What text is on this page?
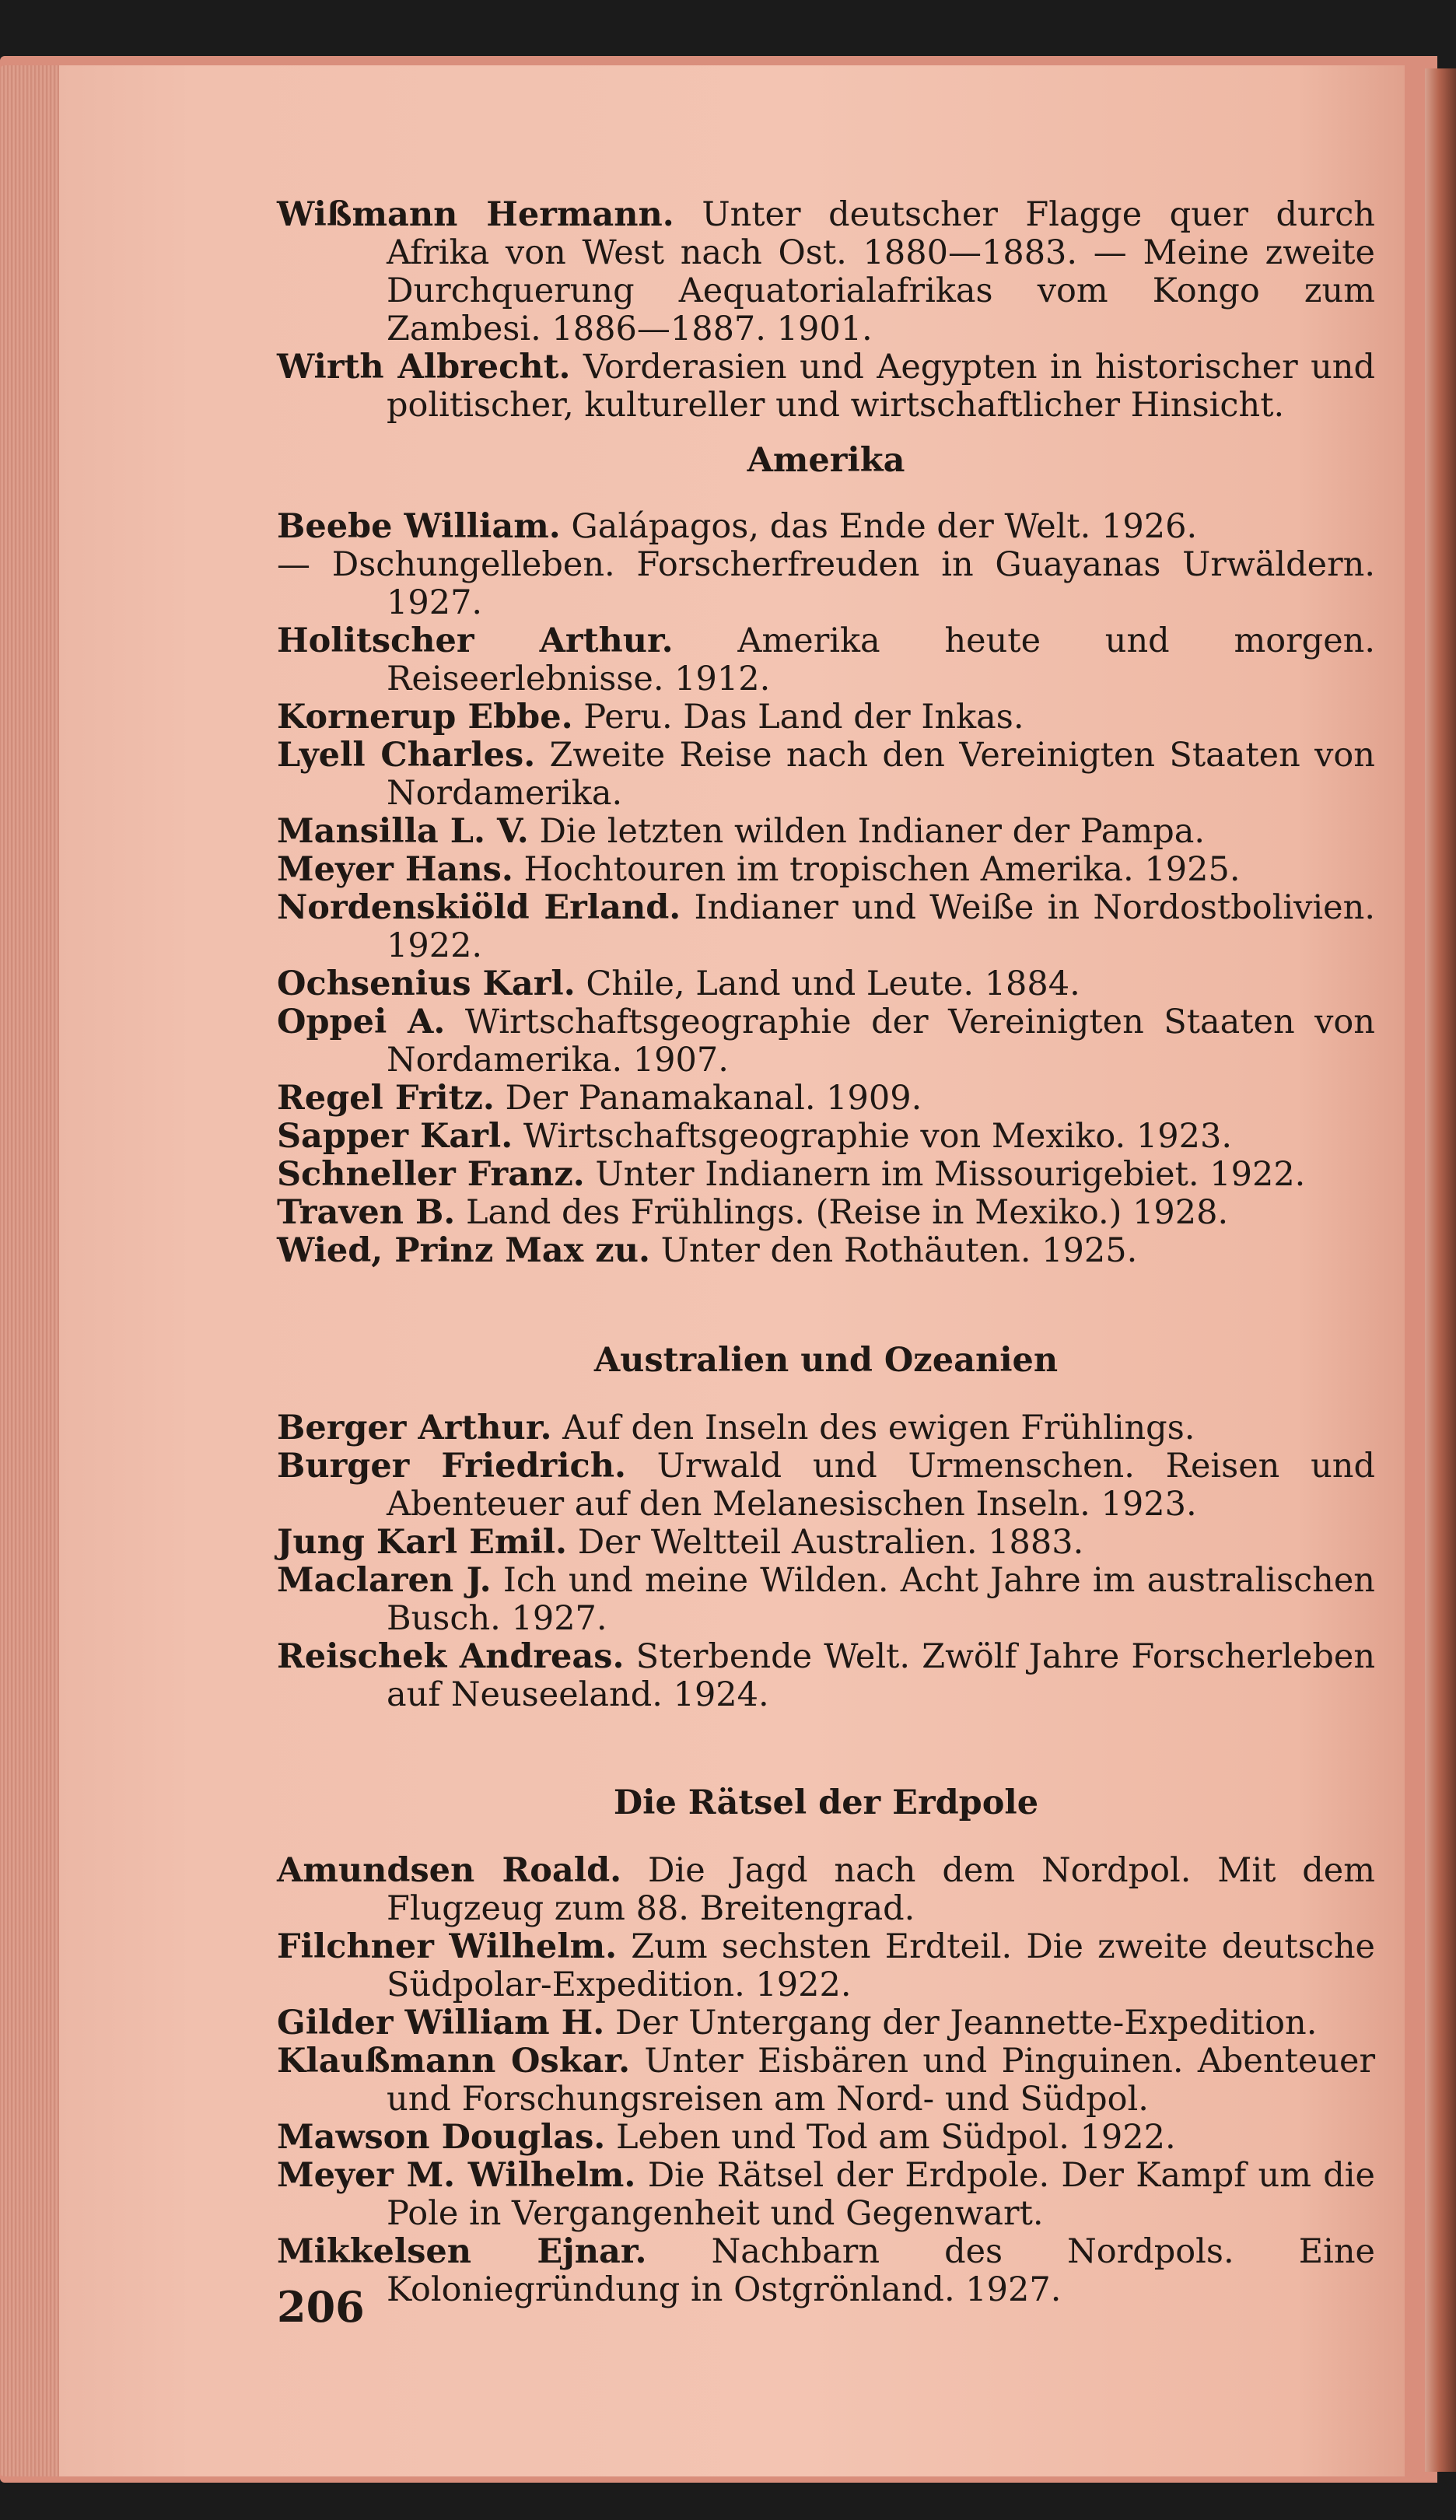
Wißmann Hermann. Unter deutscher Flagge quer durch Afrika von West nach Ost. 1880—1883. — Meine zweite Durchquerung Aequatorialafrikas vom Kongo zum Zambesi. 1886—1887. 1901.

Wirth Albrecht. Vorderasien und Aegypten in historischer und politischer, kultureller und wirtschaftlicher Hinsicht.

Amerika

Beebe William. Galápagos, das Ende der Welt. 1926.

— Dschungelleben. Forscherfreuden in Guayanas Urwäldern. 1927.

Holitscher Arthur. Amerika heute und morgen. Reiseerlebnisse. 1912.

Kornerup Ebbe. Peru. Das Land der Inkas.

Lyell Charles. Zweite Reise nach den Vereinigten Staaten von Nordamerika.

Mansilla L. V. Die letzten wilden Indianer der Pampa.

Meyer Hans. Hochtouren im tropischen Amerika. 1925.

Nordenskiöld Erland. Indianer und Weiße in Nordostbolivien. 1922.

Ochsenius Karl. Chile, Land und Leute. 1884.

Oppei A. Wirtschaftsgeographie der Vereinigten Staaten von Nordamerika. 1907.

Regel Fritz. Der Panamakanal. 1909.

Sapper Karl. Wirtschaftsgeographie von Mexiko. 1923.

Schneller Franz. Unter Indianern im Missourigebiet. 1922.

Traven B. Land des Frühlings. (Reise in Mexiko.) 1928.

Wied, Prinz Max zu. Unter den Rothäuten. 1925.

Australien und Ozeanien

Berger Arthur. Auf den Inseln des ewigen Frühlings.

Burger Friedrich. Urwald und Urmenschen. Reisen und Abenteuer auf den Melanesischen Inseln. 1923.

Jung Karl Emil. Der Weltteil Australien. 1883.

Maclaren J. Ich und meine Wilden. Acht Jahre im australischen Busch. 1927.

Reischek Andreas. Sterbende Welt. Zwölf Jahre Forscherleben auf Neuseeland. 1924.

Die Rätsel der Erdpole

Amundsen Roald. Die Jagd nach dem Nordpol. Mit dem Flugzeug zum 88. Breitengrad.

Filchner Wilhelm. Zum sechsten Erdteil. Die zweite deutsche Südpolar-Expedition. 1922.

Gilder William H. Der Untergang der Jeannette-Expedition.

Klaußmann Oskar. Unter Eisbären und Pinguinen. Abenteuer und Forschungsreisen am Nord- und Südpol.

Mawson Douglas. Leben und Tod am Südpol. 1922.

Meyer M. Wilhelm. Die Rätsel der Erdpole. Der Kampf um die Pole in Vergangenheit und Gegenwart.

Mikkelsen Ejnar. Nachbarn des Nordpols. Eine Koloniegründung in Ostgrönland. 1927.

206
